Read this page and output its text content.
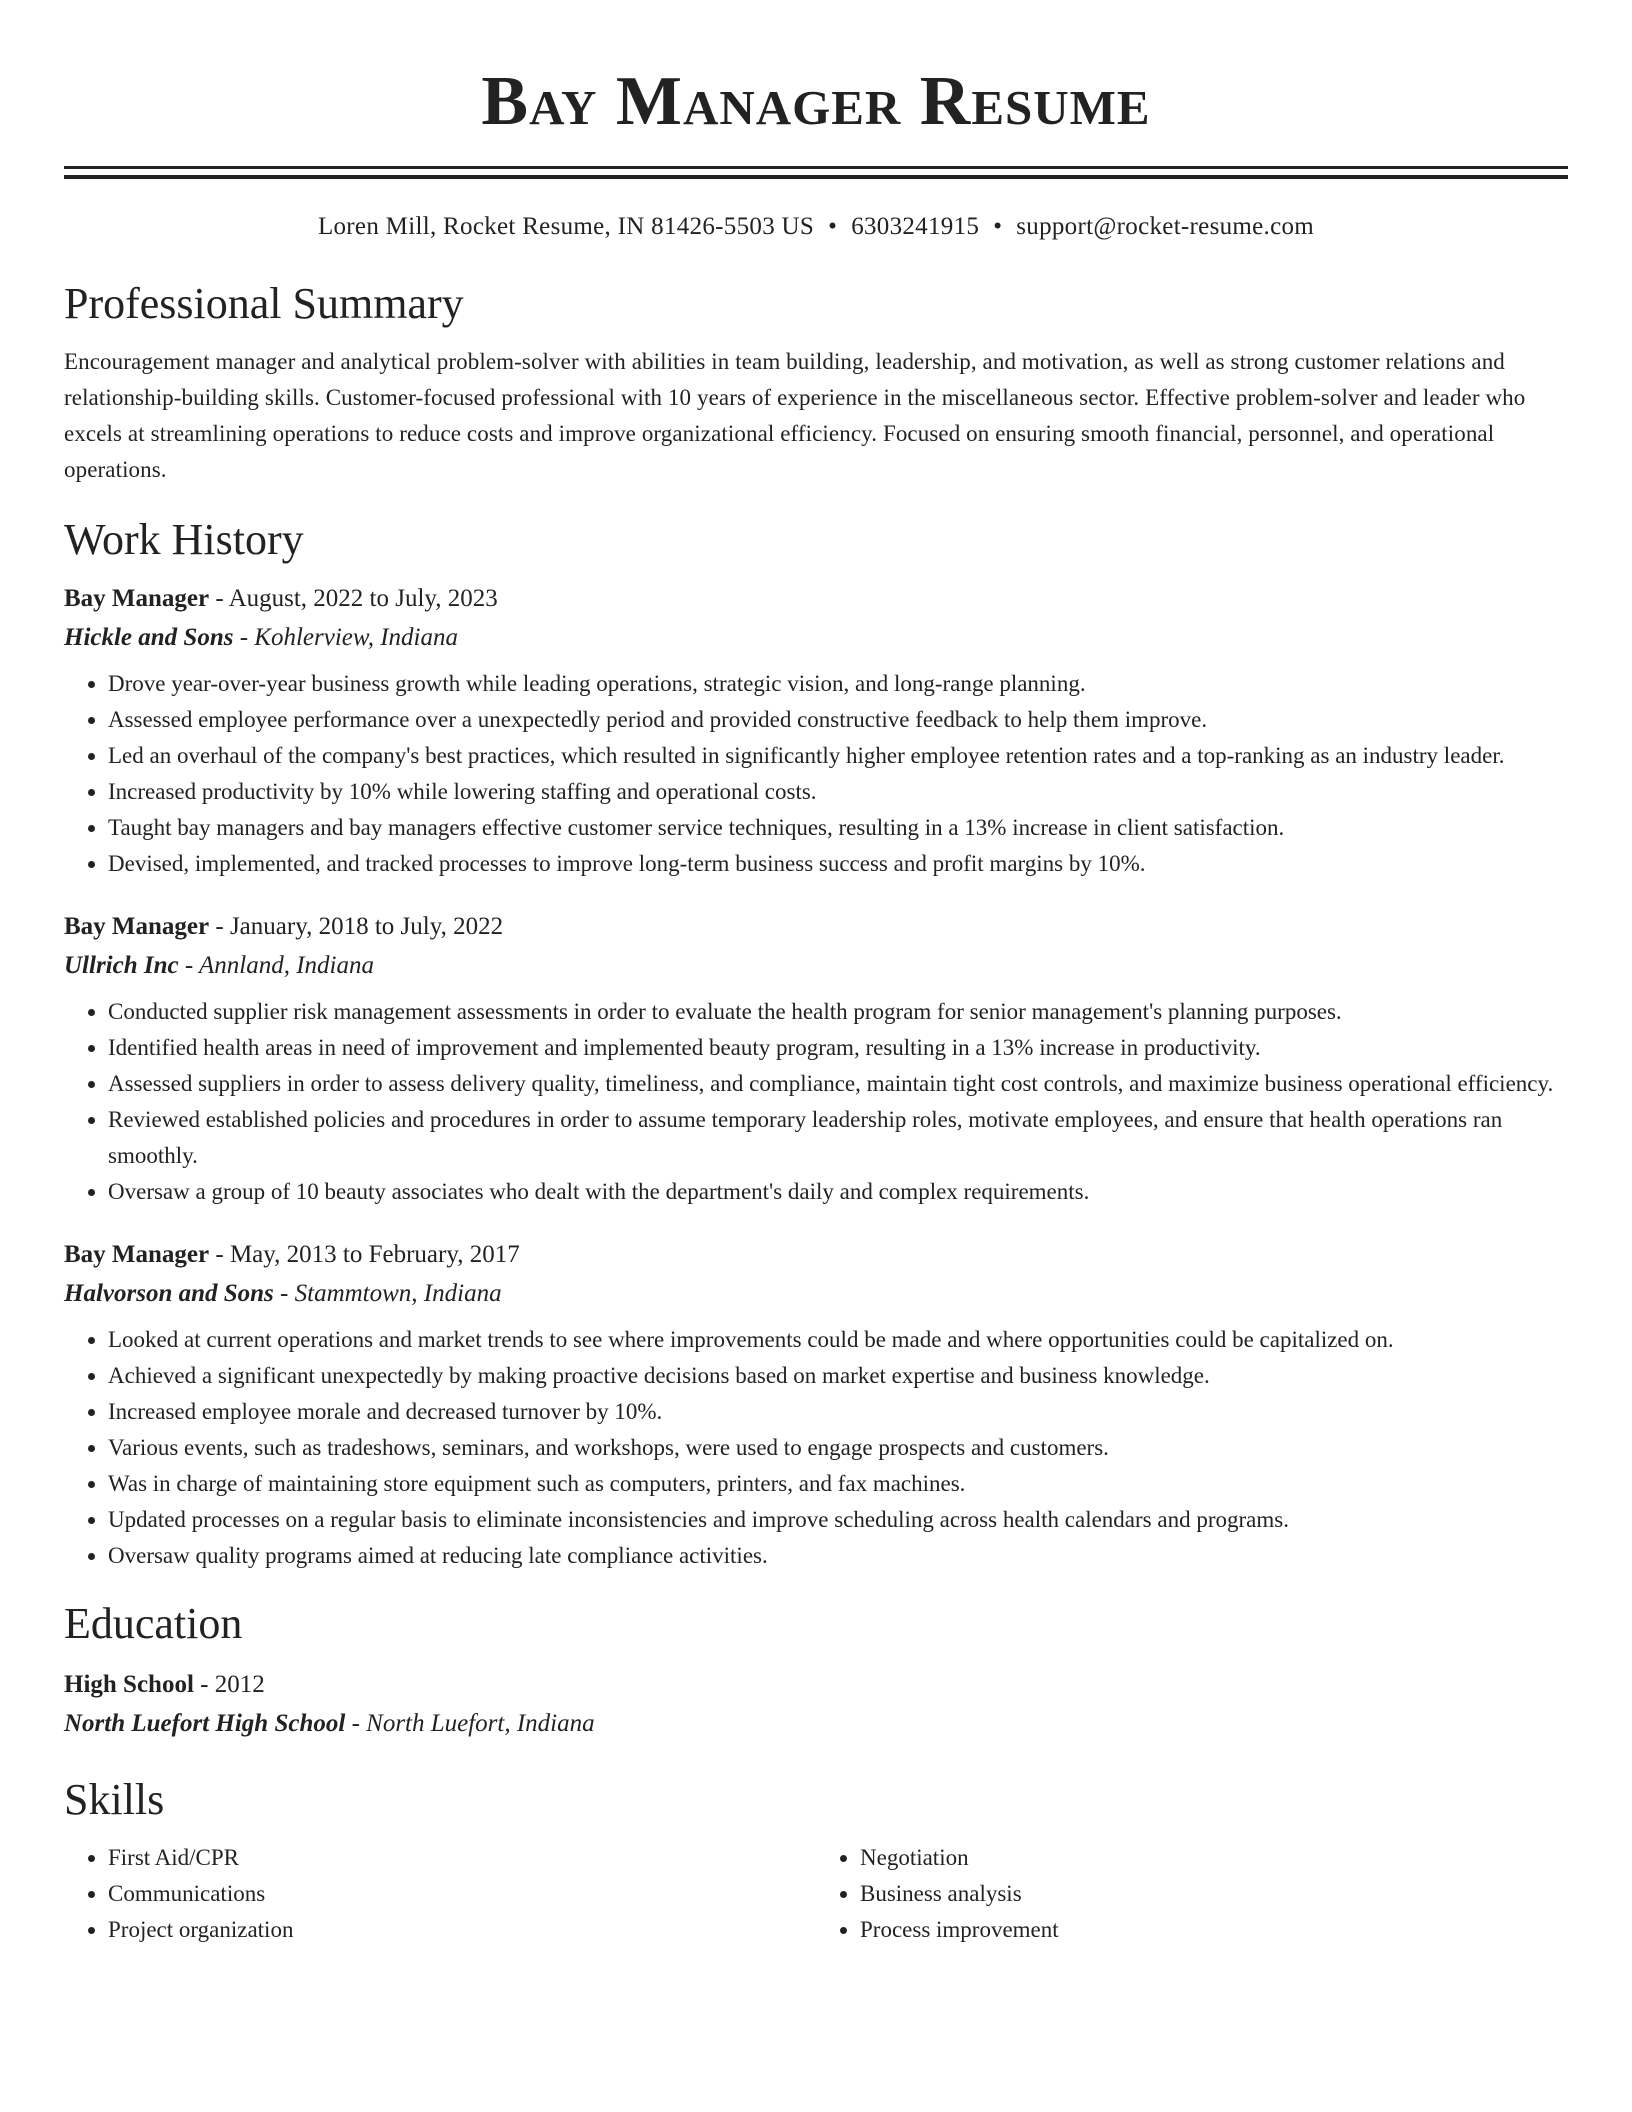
Bay Manager Resume
Loren Mill, Rocket Resume, IN 81426-5503 US • 6303241915 • support@rocket-resume.com
Professional Summary
Encouragement manager and analytical problem-solver with abilities in team building, leadership, and motivation, as well as strong customer relations and relationship-building skills. Customer-focused professional with 10 years of experience in the miscellaneous sector. Effective problem-solver and leader who excels at streamlining operations to reduce costs and improve organizational efficiency. Focused on ensuring smooth financial, personnel, and operational operations.
Work History
Bay Manager - August, 2022 to July, 2023
Hickle and Sons - Kohlerview, Indiana
• Drove year-over-year business growth while leading operations, strategic vision, and long-range planning.
• Assessed employee performance over a unexpectedly period and provided constructive feedback to help them improve.
• Led an overhaul of the company's best practices, which resulted in significantly higher employee retention rates and a top-ranking as an industry leader.
• Increased productivity by 10% while lowering staffing and operational costs.
• Taught bay managers and bay managers effective customer service techniques, resulting in a 13% increase in client satisfaction.
• Devised, implemented, and tracked processes to improve long-term business success and profit margins by 10%.
Bay Manager - January, 2018 to July, 2022
Ullrich Inc - Annland, Indiana
• Conducted supplier risk management assessments in order to evaluate the health program for senior management's planning purposes.
• Identified health areas in need of improvement and implemented beauty program, resulting in a 13% increase in productivity.
• Assessed suppliers in order to assess delivery quality, timeliness, and compliance, maintain tight cost controls, and maximize business operational efficiency.
• Reviewed established policies and procedures in order to assume temporary leadership roles, motivate employees, and ensure that health operations ran smoothly.
• Oversaw a group of 10 beauty associates who dealt with the department's daily and complex requirements.
Bay Manager - May, 2013 to February, 2017
Halvorson and Sons - Stammtown, Indiana
• Looked at current operations and market trends to see where improvements could be made and where opportunities could be capitalized on.
• Achieved a significant unexpectedly by making proactive decisions based on market expertise and business knowledge.
• Increased employee morale and decreased turnover by 10%.
• Various events, such as tradeshows, seminars, and workshops, were used to engage prospects and customers.
• Was in charge of maintaining store equipment such as computers, printers, and fax machines.
• Updated processes on a regular basis to eliminate inconsistencies and improve scheduling across health calendars and programs.
• Oversaw quality programs aimed at reducing late compliance activities.
Education
High School - 2012
North Luefort High School - North Luefort, Indiana
Skills
• First Aid/CPR
• Communications
• Project organization
• Negotiation
• Business analysis
• Process improvement
